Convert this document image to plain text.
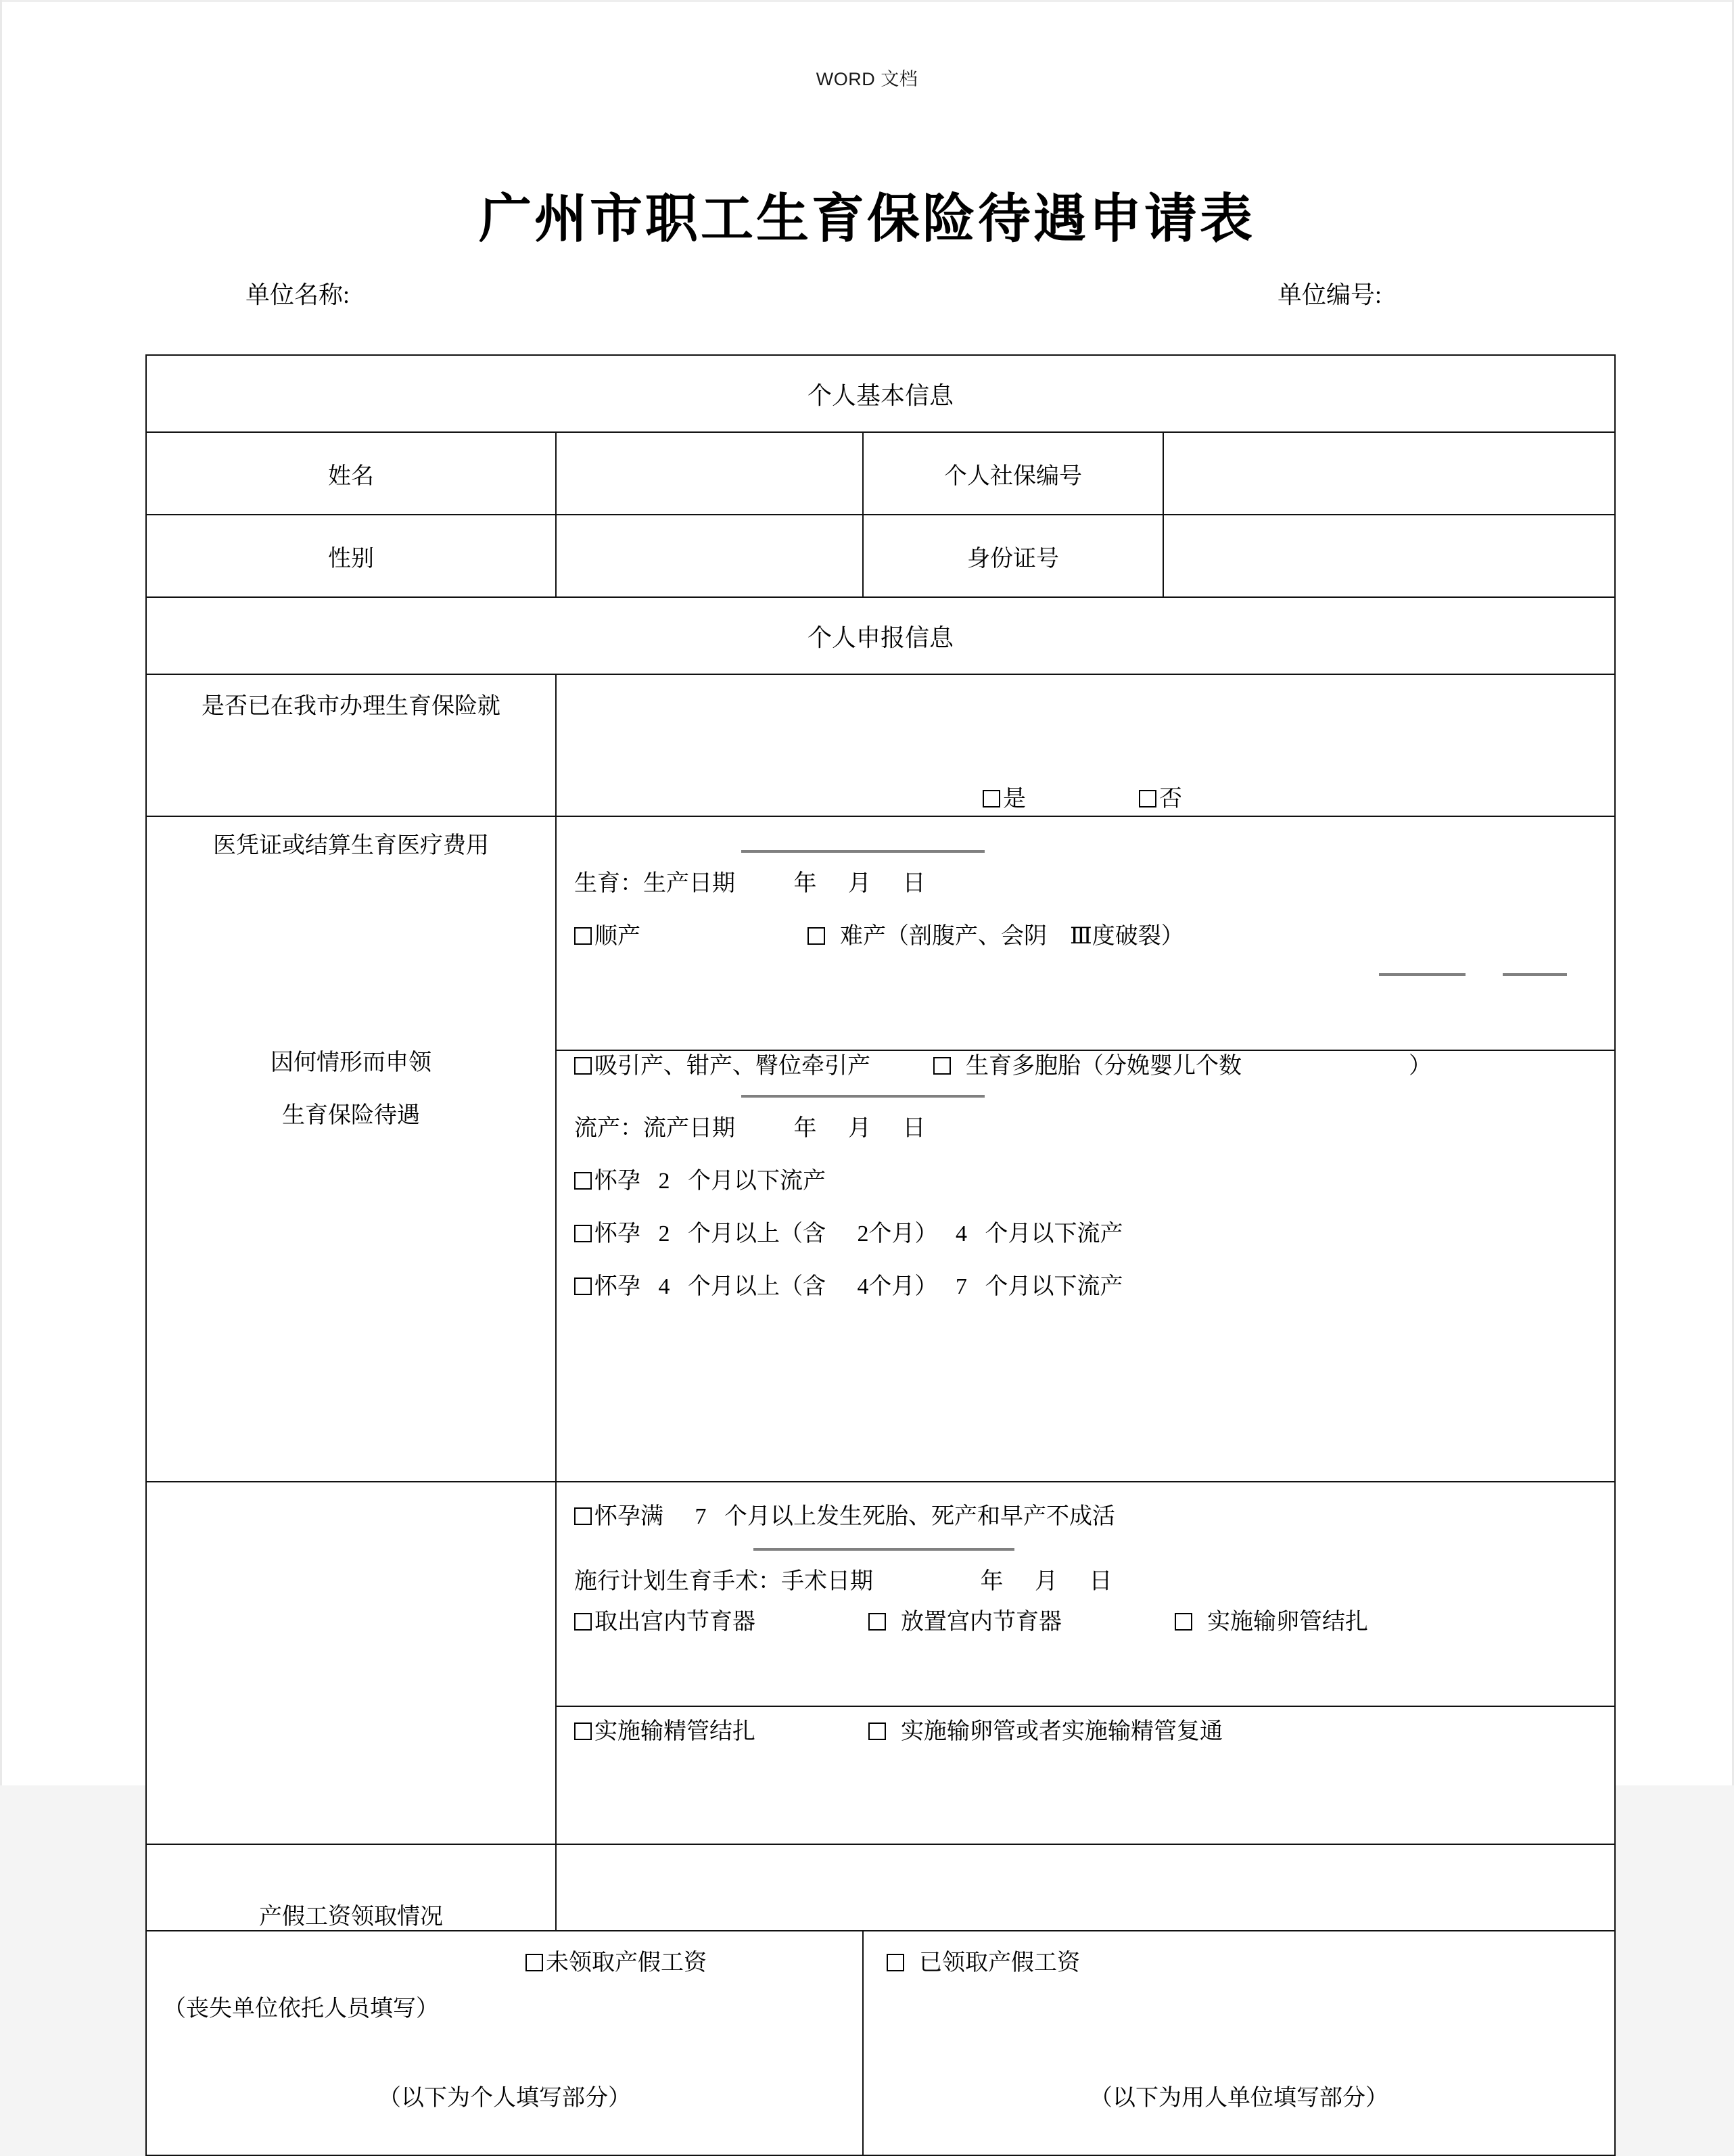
WORD 文档
广州市职工生育保险待遇申请表
单位名称:	单位编号:
个人基本信息			
姓名		个人社保编号	
性别		身份证号	
个人申报信息			

是否已在我市办理生育保险就	是 否		

医凭证或结算生育医疗费用
因何情形而申领
生育保险待遇

生育：生产日期	年 月 日
顺产	难产（剖腹产、会阴　Ⅲ度破裂）

吸引产、钳产、臀位牵引产	生育多胞胎（分娩婴儿个数	）
流产：流产日期	年 月 日
怀孕 2 个月以下流产
怀孕 2 个月以上（含 2个月） 4 个月以下流产
怀孕 4 个月以上（含 4个月） 7 个月以下流产

	怀孕满 7 个月以上发生死胎、死产和早产不成活
施行计划生育手术：手术日期 年 月 日
取出宫内节育器 放置宫内节育器 实施输卵管结扎		

	实施输精管结扎 实施输卵管或者实施输精管复通		

产假工资领取情况			

未领取产假工资
（丧失单位依托人员填写）
（以下为个人填写部分）

已领取产假工资
（以下为用人单位填写部分）
